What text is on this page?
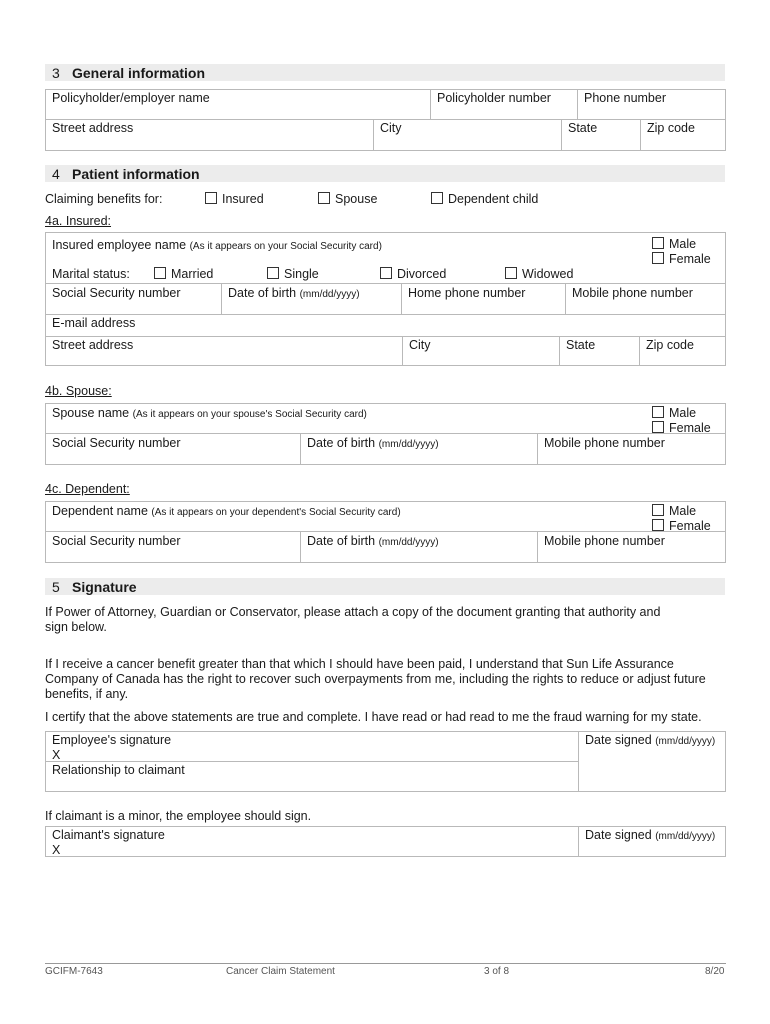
3 General information
Policyholder/employer name	Policyholder number	Phone number
Street address	City	State	Zip code
4 Patient information
Claiming benefits for:	Insured	Spouse	Dependent child
4a. Insured:
Insured employee name (As it appears on your Social Security card)	Male
Female
Marital status:	Married	Single	Divorced	Widowed
Social Security number	Date of birth (mm/dd/yyyy)	Home phone number	Mobile phone number
E-mail address
Street address	City	State	Zip code
4b. Spouse:
Spouse name (As it appears on your spouse's Social Security card)	Male
Female
Social Security number	Date of birth (mm/dd/yyyy)	Mobile phone number
4c. Dependent:
Dependent name (As it appears on your dependent's Social Security card)	Male
Female
Social Security number	Date of birth (mm/dd/yyyy)	Mobile phone number
5 Signature
If Power of Attorney, Guardian or Conservator, please attach a copy of the document granting that authority and sign below.
If I receive a cancer benefit greater than that which I should have been paid, I understand that Sun Life Assurance Company of Canada has the right to recover such overpayments from me, including the rights to reduce or adjust future benefits, if any.
I certify that the above statements are true and complete. I have read or had read to me the fraud warning for my state.
Employee's signature
X
Date signed (mm/dd/yyyy)
Relationship to claimant
If claimant is a minor, the employee should sign.
Claimant's signature
X
Date signed (mm/dd/yyyy)
GCIFM-7643	Cancer Claim Statement	3 of 8	8/20
